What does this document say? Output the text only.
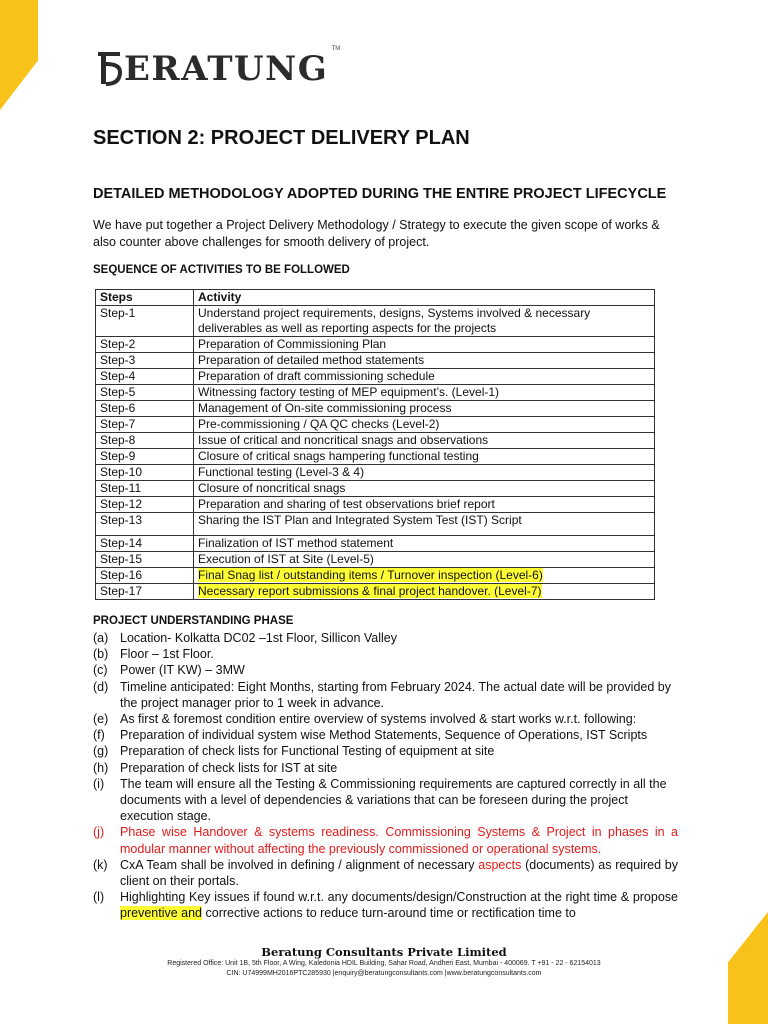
ERATUNG TM
SECTION 2: PROJECT DELIVERY PLAN
DETAILED METHODOLOGY ADOPTED DURING THE ENTIRE PROJECT LIFECYCLE
We have put together a Project Delivery Methodology / Strategy to execute the given scope of works & also counter above challenges for smooth delivery of project.
SEQUENCE OF ACTIVITIES TO BE FOLLOWED
Steps	Activity
Step-1	Understand project requirements, designs, Systems involved & necessary deliverables as well as reporting aspects for the projects
Step-2	Preparation of Commissioning Plan
Step-3	Preparation of detailed method statements
Step-4	Preparation of draft commissioning schedule
Step-5	Witnessing factory testing of MEP equipment’s. (Level-1)
Step-6	Management of On-site commissioning process
Step-7	Pre-commissioning / QA QC checks (Level-2)
Step-8	Issue of critical and noncritical snags and observations
Step-9	Closure of critical snags hampering functional testing
Step-10	Functional testing (Level-3 & 4)
Step-11	Closure of noncritical snags
Step-12	Preparation and sharing of test observations brief report
Step-13	Sharing the IST Plan and Integrated System Test (IST) Script
Step-14	Finalization of IST method statement
Step-15	Execution of IST at Site (Level-5)
Step-16	Final Snag list / outstanding items / Turnover inspection (Level-6)
Step-17	Necessary report submissions & final project handover. (Level-7)
PROJECT UNDERSTANDING PHASE
(a) Location- Kolkatta DC02 –1st Floor, Sillicon Valley
(b) Floor – 1st Floor.
(c) Power (IT KW) – 3MW
(d) Timeline anticipated: Eight Months, starting from February 2024. The actual date will be provided by the project manager prior to 1 week in advance.
(e) As first & foremost condition entire overview of systems involved & start works w.r.t. following:
(f)	Preparation of individual system wise Method Statements, Sequence of Operations, IST Scripts
(g) Preparation of check lists for Functional Testing of equipment at site
(h) Preparation of check lists for IST at site
(i)	The team will ensure all the Testing & Commissioning requirements are captured correctly in all the documents with a level of dependencies & variations that can be foreseen during the project execution stage.
(j)	Phase wise Handover & systems readiness. Commissioning Systems & Project in phases in a modular manner without affecting the previously commissioned or operational systems.
(k) CxA Team shall be involved in defining / alignment of necessary aspects (documents) as required by client on their portals.
(l)	Highlighting Key issues if found w.r.t. any documents/design/Construction at the right time & propose preventive and corrective actions to reduce turn-around time or rectification time to
Beratung Consultants Private Limited
Registered Office: Unit 1B, 5th Floor, A Wing, Kaledonia HDIL Building, Sahar Road, Andheri East, Mumbai - 400069. T +91 - 22 - 62154013
CIN: U74999MH2016PTC285930 |enquiry@beratungconsultants.com |www.beratungconsultants.com
